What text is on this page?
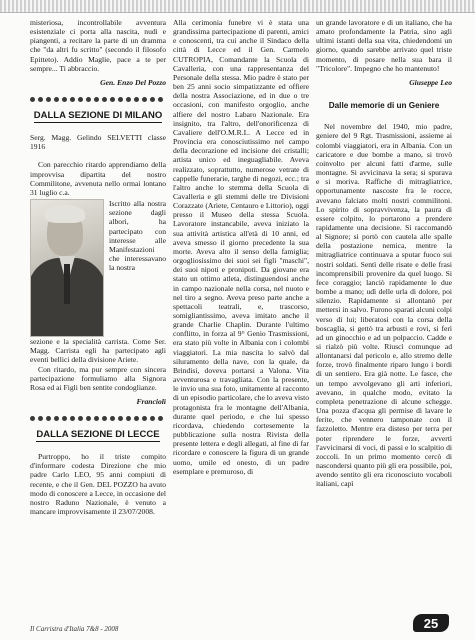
misteriosa, incontrollabile avventura esistenziale ci porta alla nascita, nudi e piangenti, a recitare la parte di un dramma che "da altri fu scritto" (secondo il filosofo Epitteto). Addio Maglie, pace a te per sempre... Ti abbraccio.

Gen. Enzo Del Pozzo

DALLA SEZIONE DI MILANO

Serg. Magg. Gelindo SELVETTI classe 1916

Con parecchio ritardo apprendiamo della improvvisa dipartita del nostro Commilitone, avvenuta nello ormai lontano 31 luglio c.a.

Iscritto alla nostra sezione dagli albori, ha partecipato con interesse alle Manifestazioni che interessavano la nostra

sezione e la specialità carrista. Come Ser. Magg. Carrista egli ha partecipato agli eventi bellici della divisione Ariete.

Con ritardo, ma pur sempre con sincera partecipazione formuliamo alla Signora Rosa ed ai Figli ben sentite condoglianze.

Franciolì

DALLA SEZIONE DI LECCE

Purtroppo, ho il triste compito d'informare codesta Direzione che mio padre Carlo LEO, 95 anni compiuti di recente, e che il Gen. DEL POZZO ha avuto modo di conoscere a Lecce, in occasione del nostro Raduno Nazionale, è venuto a mancare improvvisamente il 23/07/2008.

Alla cerimonia funebre vi è stata una grandissima partecipazione di parenti, amici e conoscenti, tra cui anche il Sindaco della città di Lecce ed il Gen. Carmelo CUTROPIA, Comandante la Scuola di Cavalleria, con una rappresentanza del Personale della stessa. Mio padre è stato per ben 25 anni socio simpatizzante ed offiere della nostra Associazione, ed in due o tre occasioni, con manifesto orgoglio, anche alfiere del nostro Labaro Nazionale. Era insignito, tra l'altro, dell'onorificenza di Cavaliere dell'O.M.R.I.. A Lecce ed in Provincia era conosciutissimo nel campo della decorazione ed incisione dei cristalli; artista unico ed ineguagliabile. Aveva realizzato, soprattutto, numerose vetrate di cappelle funerarie, targhe di negozi, ecc.; tra l'altro anche lo stemma della Scuola di Cavalleria e gli stemmi delle tre Divisioni Corazzate (Ariete, Centauro e Littorio), oggi presso il Museo della stessa Scuola. Lavoratore instancabile, aveva iniziato la sua attività artistica all'età di 10 anni, ed aveva smesso il giorno precedente la sua morte. Aveva alto il senso della famiglia; orgogliosissimo dei suoi sei figli "maschi", dei suoi nipoti e pronipoti. Da giovane era stato un ottimo atleta, distinguendosi anche in campo nazionale nella corsa, nel nuoto e nel tiro a segno. Aveva preso parte anche a spettacoli teatrali, e, trascorso, somigliantissimo, aveva imitato anche il grande Charlie Chaplin. Durante l'ultimo conflitto, in forza al 9° Genio Trasmissioni, era stato più volte in Albania con i colombi viaggiatori. La mia nascita lo salvò dal siluramento della nave, con la quale, da Brindisi, doveva portarsi a Valona. Vita avventurosa e travagliata. Con la presente, le invio una sua foto, unitamente al racconto di un episodio particolare, che lo aveva visto protagonista fra le montagne dell'Albania, durante quel periodo, e che lui spesso ricordava, chiedendo cortesemente la pubblicazione sulla nostra Rivista della presente lettera e degli allegati, al fine di far ricordare e conoscere la figura di un grande uomo, umile ed onesto, di un padre esemplare e premuroso, di

un grande lavoratore e di un italiano, che ha amato profondamente la Patria, sino agli ultimi istanti della sua vita, chiedendomi un giorno, quando sarebbe arrivato quel triste momento, di posare nella sua bara il "Tricolore". Impegno che ho mantenuto!

Giuseppe Leo

Dalle memorie di un Geniere

Nel novembre del 1940, mio padre, geniere del 9 Rgt. Trasmissioni, assieme ai colombi viaggiatori, era in Albania. Con un caricatore e due bombe a mano, si trovò coinvolto per alcuni fatti d'arme, sulle montagne. Si avvicinava la sera; si spurava e si moriva. Raffiche di mitragliatrice, opportunamente nascoste fra le rocce, avevano falciato molti nostri commilitoni. Lo spirito di sopravvivenza, la paura di essere colpito, lo portarono a prendere rapidamente una decisione. Si raccomandò al Signore; si portò con cautela alle spalle della postazione nemica, mentre la mitragliatrice continuava a sputar fuoco sui nostri soldati. Sentì delle risate e delle frasi incomprensibili provenire da quel luogo. Si fece coraggio; lanciò rapidamente le due bombe a mano; udì delle urla di dolore, poi silenzio. Rapidamente si allontanò per mettersi in salvo. Furono sparati alcuni colpi verso di lui; liberatosi con la corsa della boscaglia, si gettò tra arbusti e rovi, si ferì ad un ginocchio e ad un polpaccio. Cadde e si rialzò più volte. Riuscì comunque ad allontanarsi dal pericolo e, allo stremo delle forze, trovò finalmente riparo lungo i bordi di un sentiero. Era già notte. Le fasce, che un tempo avvolgevano gli arti inferiori, avevano, in qualche modo, evitato la completa penetrazione di alcune schegge. Una pozza d'acqua gli permise di lavare le ferite, che vennero tamponate con il fazzoletto. Mentre era disteso per terra per poter riprendere le forze, avvertì l'avvicinarsi di voci, di passi e lo scalpitio di zoccoli. In un primo momento cercò di nascondersi quanto più gli era possibile, poi, avendo sentito gli era riconosciuto vocaboli italiani, capì

Il Carristra d'Italia 7&8 - 2008	25
